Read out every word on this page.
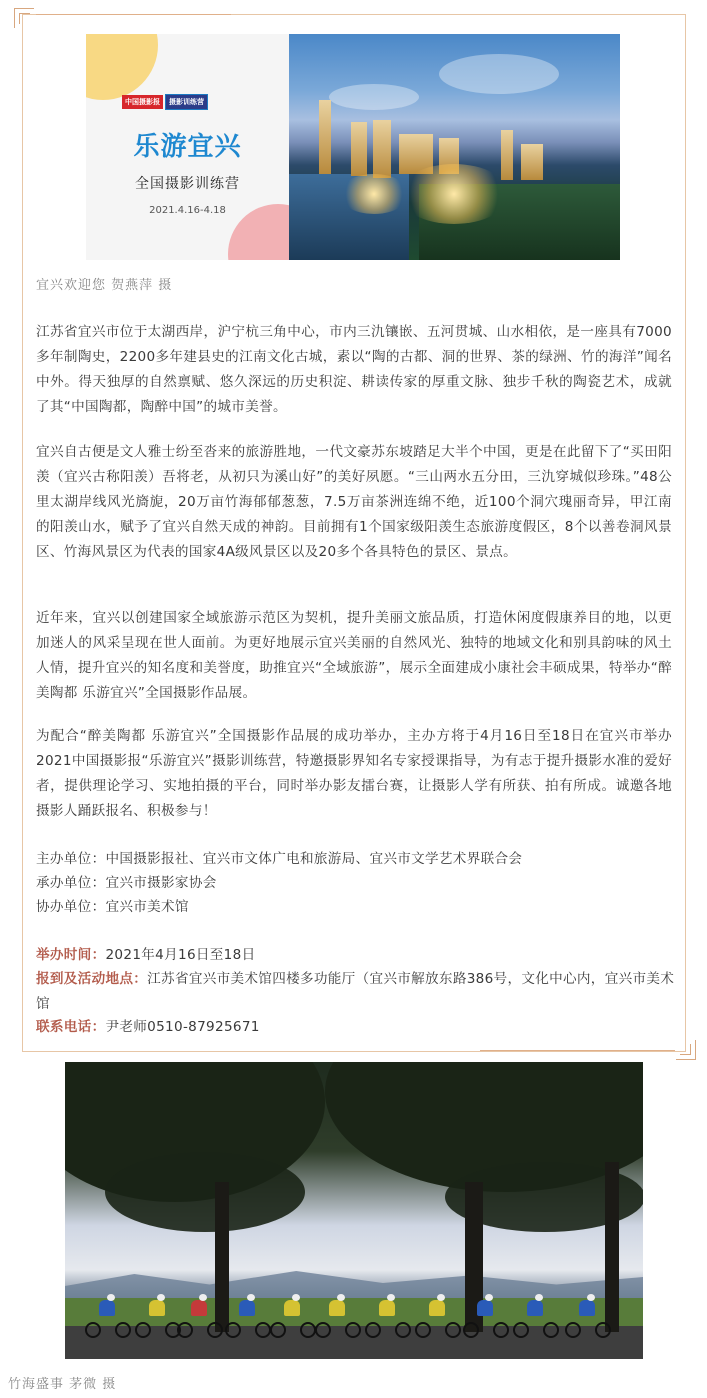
中国摄影报	摄影训练营
乐游宜兴
全国摄影训练营
2021.4.16-4.18
宜兴欢迎您 贺燕萍 摄
江苏省宜兴市位于太湖西岸，沪宁杭三角中心，市内三氿镶嵌、五河贯城、山水相依，是一座具有7000多年制陶史，2200多年建县史的江南文化古城，素以“陶的古都、洞的世界、茶的绿洲、竹的海洋”闻名中外。得天独厚的自然禀赋、悠久深远的历史积淀、耕读传家的厚重文脉、独步千秋的陶瓷艺术，成就了其“中国陶都，陶醉中国”的城市美誉。
宜兴自古便是文人雅士纷至沓来的旅游胜地，一代文豪苏东坡踏足大半个中国，更是在此留下了“买田阳羡（宜兴古称阳羡）吾将老，从初只为溪山好”的美好夙愿。“三山两水五分田，三氿穿城似珍珠。”48公里太湖岸线风光旖旎，20万亩竹海郁郁葱葱，7.5万亩茶洲连绵不绝，近100个洞穴瑰丽奇异，甲江南的阳羡山水，赋予了宜兴自然天成的神韵。目前拥有1个国家级阳羡生态旅游度假区，8个以善卷洞风景区、竹海风景区为代表的国家4A级风景区以及20多个各具特色的景区、景点。
近年来，宜兴以创建国家全域旅游示范区为契机，提升美丽文旅品质，打造休闲度假康养目的地，以更加迷人的风采呈现在世人面前。为更好地展示宜兴美丽的自然风光、独特的地域文化和别具韵味的风土人情，提升宜兴的知名度和美誉度，助推宜兴“全域旅游”，展示全面建成小康社会丰硕成果，特举办“醉美陶都 乐游宜兴”全国摄影作品展。
为配合“醉美陶都 乐游宜兴”全国摄影作品展的成功举办，主办方将于4月16日至18日在宜兴市举办2021中国摄影报“乐游宜兴”摄影训练营，特邀摄影界知名专家授课指导，为有志于提升摄影水准的爱好者，提供理论学习、实地拍摄的平台，同时举办影友擂台赛，让摄影人学有所获、拍有所成。诚邀各地摄影人踊跃报名、积极参与！
主办单位：中国摄影报社、宜兴市文体广电和旅游局、宜兴市文学艺术界联合会
承办单位：宜兴市摄影家协会
协办单位：宜兴市美术馆
举办时间：2021年4月16日至18日
报到及活动地点：江苏省宜兴市美术馆四楼多功能厅（宜兴市解放东路386号，文化中心内，宜兴市美术馆
联系电话：尹老师0510-87925671
竹海盛事 茅微 摄
